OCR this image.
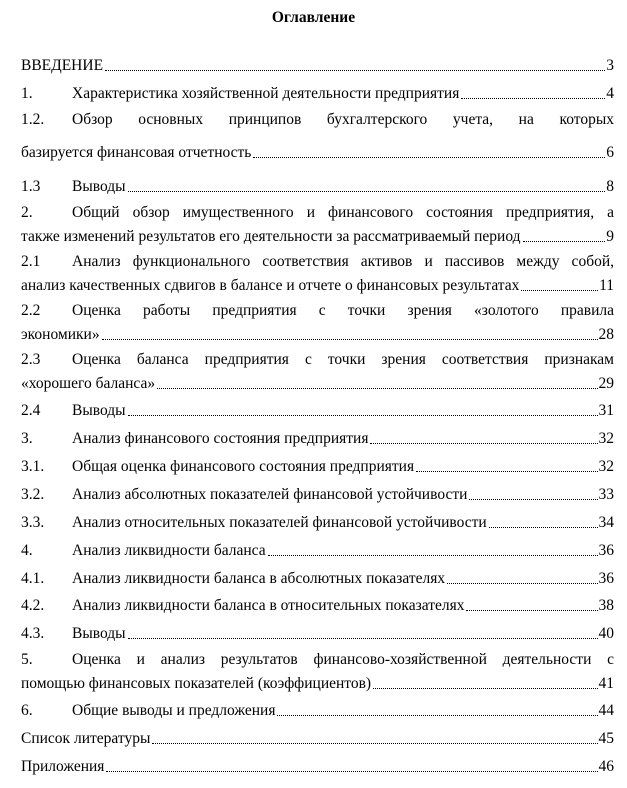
Оглавление
ВВЕДЕНИЕ	3
1.	Характеристика хозяйственной деятельности предприятия	4
1.2. Обзор основных принципов бухгалтерского учета, на которых
базируется финансовая отчетность	6
1.3	Выводы	8
2.	Общий обзор имущественного и финансового состояния предприятия, а
также изменений результатов его деятельности за рассматриваемый период	9
2.1 Анализ функционального соответствия активов и пассивов между собой,
анализ качественных сдвигов в балансе и отчете о финансовых результатах	11
2.2 Оценка работы предприятия с точки зрения «золотого правила
экономики»	28
2.3 Оценка баланса предприятия с точки зрения соответствия признакам
«хорошего баланса»	29
2.4	Выводы	31
3.	Анализ финансового состояния предприятия	32
3.1.	Общая оценка финансового состояния предприятия	32
3.2.	Анализ абсолютных показателей финансовой устойчивости	33
3.3.	Анализ относительных показателей финансовой устойчивости	34
4.	Анализ ликвидности баланса	36
4.1.	Анализ ликвидности баланса в абсолютных показателях	36
4.2.	Анализ ликвидности баланса в относительных показателях	38
4.3.	Выводы	40
5.	Оценка и анализ результатов финансово-хозяйственной деятельности с
помощью финансовых показателей (коэффициентов)	41
6.	Общие выводы и предложения	44
Список литературы	45
Приложения	46
